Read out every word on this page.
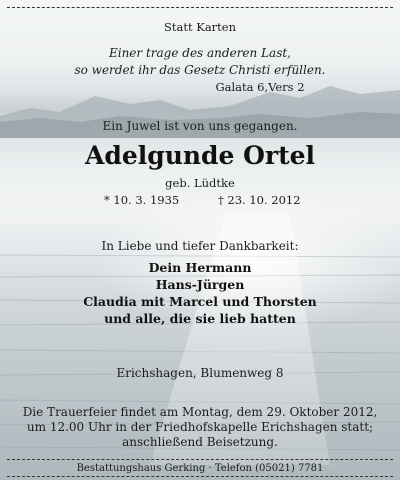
Statt Karten
Einer trage des anderen Last,
so werdet ihr das Gesetz Christi erfüllen.
Galata 6,Vers 2
Ein Juwel ist von uns gegangen.
Adelgunde Ortel
geb. Lüdtke
* 10. 3. 1935	† 23. 10. 2012
In Liebe und tiefer Dankbarkeit:
Dein Hermann
Hans-Jürgen
Claudia mit Marcel und Thorsten
und alle, die sie lieb hatten
Erichshagen, Blumenweg 8
Die Trauerfeier findet am Montag, dem 29. Oktober 2012,
um 12.00 Uhr in der Friedhofskapelle Erichshagen statt;
anschließend Beisetzung.
Bestattungshaus Gerking · Telefon (05021) 7781
